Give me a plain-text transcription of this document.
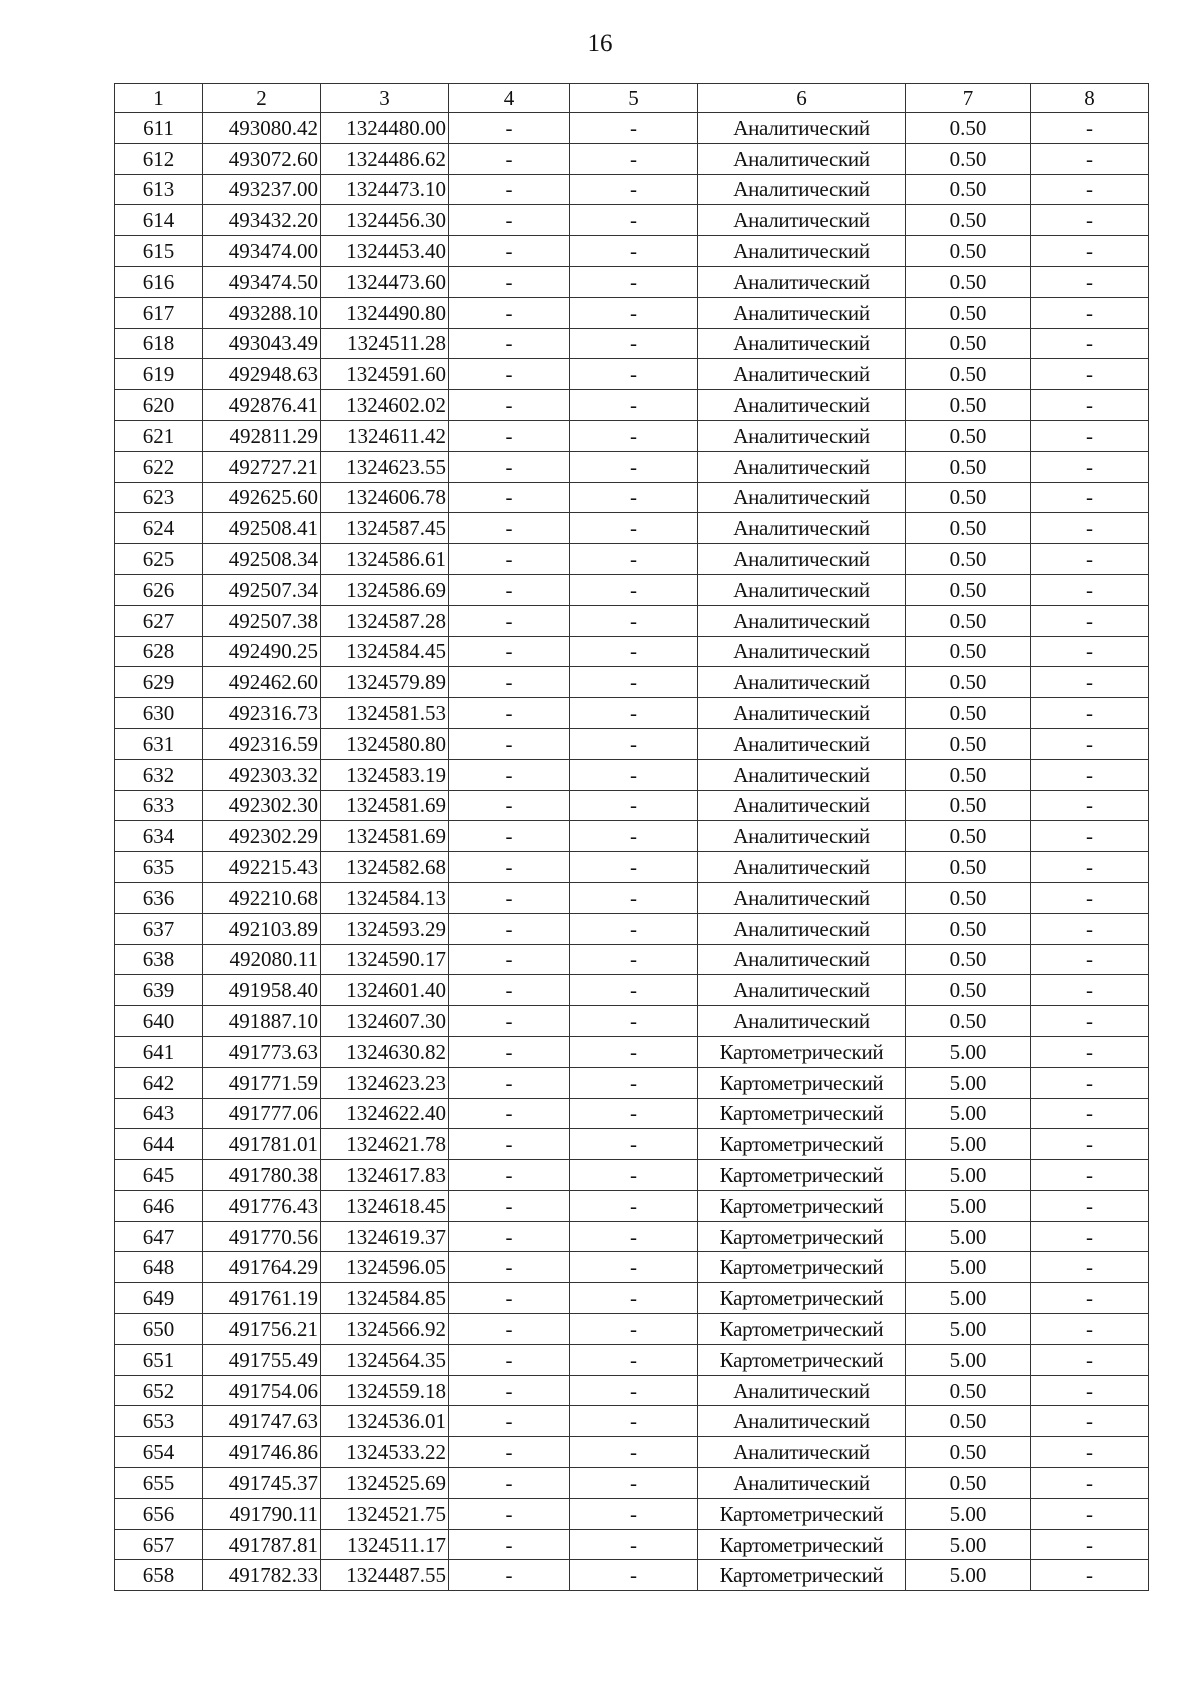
16
1	2	3	4	5	6	7	8
611	493080.42	1324480.00	-	-	Аналитический	0.50	-
612	493072.60	1324486.62	-	-	Аналитический	0.50	-
613	493237.00	1324473.10	-	-	Аналитический	0.50	-
614	493432.20	1324456.30	-	-	Аналитический	0.50	-
615	493474.00	1324453.40	-	-	Аналитический	0.50	-
616	493474.50	1324473.60	-	-	Аналитический	0.50	-
617	493288.10	1324490.80	-	-	Аналитический	0.50	-
618	493043.49	1324511.28	-	-	Аналитический	0.50	-
619	492948.63	1324591.60	-	-	Аналитический	0.50	-
620	492876.41	1324602.02	-	-	Аналитический	0.50	-
621	492811.29	1324611.42	-	-	Аналитический	0.50	-
622	492727.21	1324623.55	-	-	Аналитический	0.50	-
623	492625.60	1324606.78	-	-	Аналитический	0.50	-
624	492508.41	1324587.45	-	-	Аналитический	0.50	-
625	492508.34	1324586.61	-	-	Аналитический	0.50	-
626	492507.34	1324586.69	-	-	Аналитический	0.50	-
627	492507.38	1324587.28	-	-	Аналитический	0.50	-
628	492490.25	1324584.45	-	-	Аналитический	0.50	-
629	492462.60	1324579.89	-	-	Аналитический	0.50	-
630	492316.73	1324581.53	-	-	Аналитический	0.50	-
631	492316.59	1324580.80	-	-	Аналитический	0.50	-
632	492303.32	1324583.19	-	-	Аналитический	0.50	-
633	492302.30	1324581.69	-	-	Аналитический	0.50	-
634	492302.29	1324581.69	-	-	Аналитический	0.50	-
635	492215.43	1324582.68	-	-	Аналитический	0.50	-
636	492210.68	1324584.13	-	-	Аналитический	0.50	-
637	492103.89	1324593.29	-	-	Аналитический	0.50	-
638	492080.11	1324590.17	-	-	Аналитический	0.50	-
639	491958.40	1324601.40	-	-	Аналитический	0.50	-
640	491887.10	1324607.30	-	-	Аналитический	0.50	-
641	491773.63	1324630.82	-	-	Картометрический	5.00	-
642	491771.59	1324623.23	-	-	Картометрический	5.00	-
643	491777.06	1324622.40	-	-	Картометрический	5.00	-
644	491781.01	1324621.78	-	-	Картометрический	5.00	-
645	491780.38	1324617.83	-	-	Картометрический	5.00	-
646	491776.43	1324618.45	-	-	Картометрический	5.00	-
647	491770.56	1324619.37	-	-	Картометрический	5.00	-
648	491764.29	1324596.05	-	-	Картометрический	5.00	-
649	491761.19	1324584.85	-	-	Картометрический	5.00	-
650	491756.21	1324566.92	-	-	Картометрический	5.00	-
651	491755.49	1324564.35	-	-	Картометрический	5.00	-
652	491754.06	1324559.18	-	-	Аналитический	0.50	-
653	491747.63	1324536.01	-	-	Аналитический	0.50	-
654	491746.86	1324533.22	-	-	Аналитический	0.50	-
655	491745.37	1324525.69	-	-	Аналитический	0.50	-
656	491790.11	1324521.75	-	-	Картометрический	5.00	-
657	491787.81	1324511.17	-	-	Картометрический	5.00	-
658	491782.33	1324487.55	-	-	Картометрический	5.00	-
